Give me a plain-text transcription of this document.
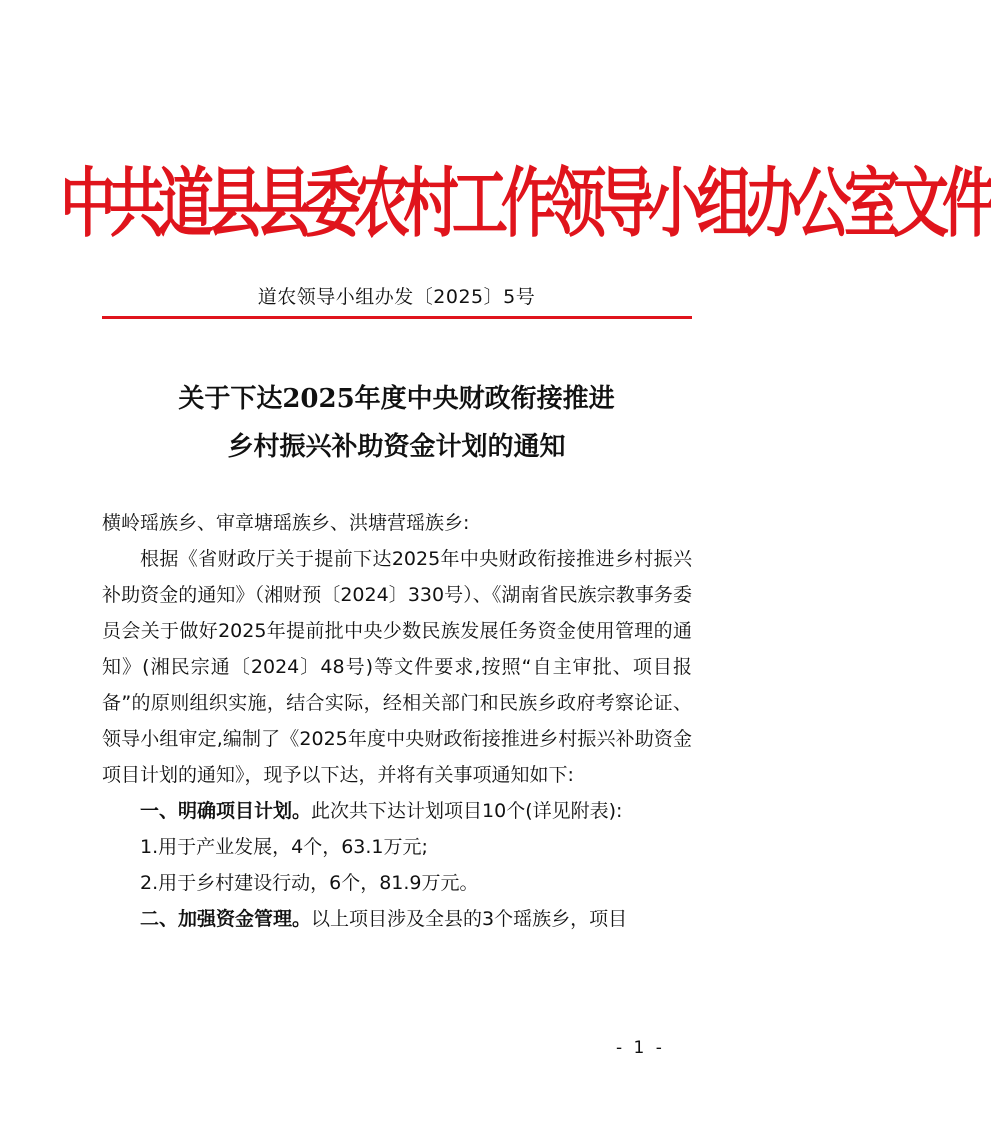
中共道县县委农村工作领导小组办公室文件
道农领导小组办发〔2025〕5号
关于下达2025年度中央财政衔接推进
乡村振兴补助资金计划的通知

横岭瑶族乡、审章塘瑶族乡、洪塘营瑶族乡:

根据《省财政厅关于提前下达2025年中央财政衔接推进乡村振兴补助资金的通知》（湘财预〔2024〕330号）、《湖南省民族宗教事务委员会关于做好2025年提前批中央少数民族发展任务资金使用管理的通知》(湘民宗通〔2024〕48号)等文件要求,按照“自主审批、项目报备”的原则组织实施，结合实际，经相关部门和民族乡政府考察论证、领导小组审定,编制了《2025年度中央财政衔接推进乡村振兴补助资金项目计划的通知》，现予以下达，并将有关事项通知如下:

一、明确项目计划。此次共下达计划项目10个(详见附表):

1.用于产业发展，4个，63.1万元;

2.用于乡村建设行动，6个，81.9万元。

二、加强资金管理。以上项目涉及全县的3个瑶族乡，项目

- 1 -
